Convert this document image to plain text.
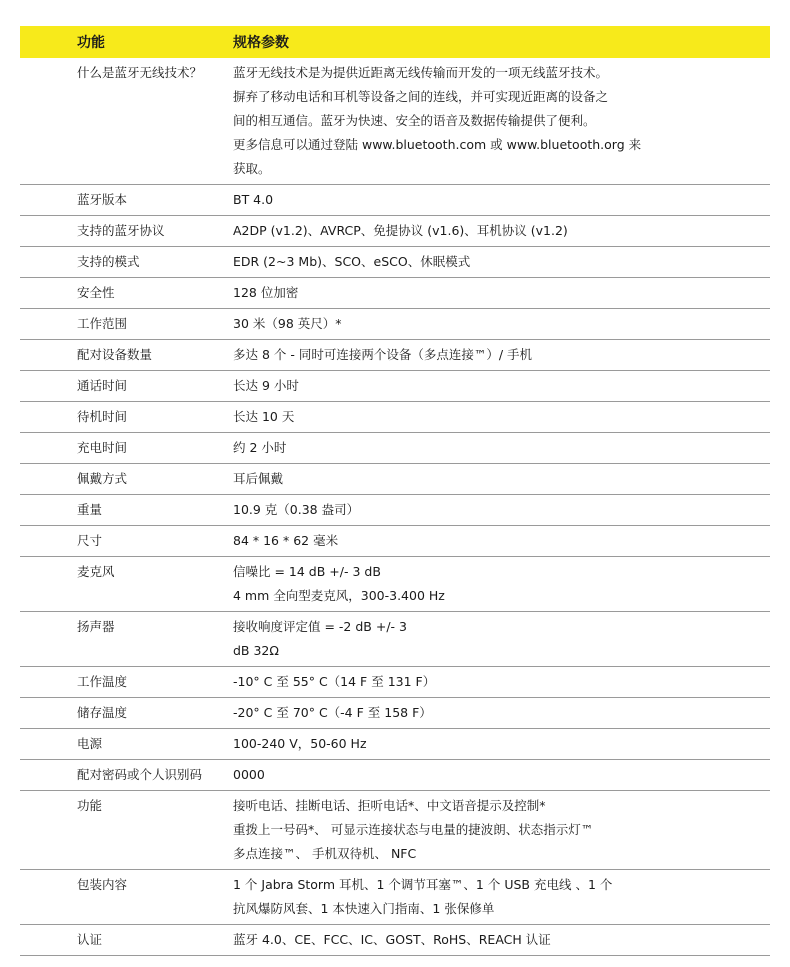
功能	规格参数
什么是蓝牙无线技术？	蓝牙无线技术是为提供近距离无线传输而开发的一项无线蓝牙技术。
摒弃了移动电话和耳机等设备之间的连线，并可实现近距离的设备之
间的相互通信。蓝牙为快速、安全的语音及数据传输提供了便利。
更多信息可以通过登陆 www.bluetooth.com 或 www.bluetooth.org 来
获取。
蓝牙版本	BT 4.0
支持的蓝牙协议	A2DP (v1.2)、AVRCP、免提协议 (v1.6)、耳机协议 (v1.2)
支持的模式	EDR (2~3 Mb)、SCO、eSCO、休眠模式
安全性	128 位加密
工作范围	30 米（98 英尺）*
配对设备数量	多达 8 个 - 同时可连接两个设备（多点连接™）/ 手机
通话时间	长达 9 小时
待机时间	长达 10 天
充电时间	约 2 小时
佩戴方式	耳后佩戴
重量	10.9 克（0.38 盎司）
尺寸	84 * 16 * 62 毫米
麦克风	信噪比 = 14 dB +/- 3 dB
4 mm 全向型麦克风，300-3.400 Hz
扬声器	接收响度评定值 = -2 dB +/- 3
dB 32Ω
工作温度	-10° C 至 55° C（14 F 至 131 F）
储存温度	-20° C 至 70° C（-4 F 至 158 F）
电源	100-240 V，50-60 Hz
配对密码或个人识别码	0000
功能	接听电话、挂断电话、拒听电话*、中文语音提示及控制*
重拨上一号码*、 可显示连接状态与电量的捷波朗、状态指示灯™
多点连接™、 手机双待机、 NFC
包装内容	1 个 Jabra Storm 耳机、1 个调节耳塞™、1 个 USB 充电线 、1 个
抗风爆防风套、1 本快速入门指南、1 张保修单
认证	蓝牙 4.0、CE、FCC、IC、GOST、RoHS、REACH 认证
